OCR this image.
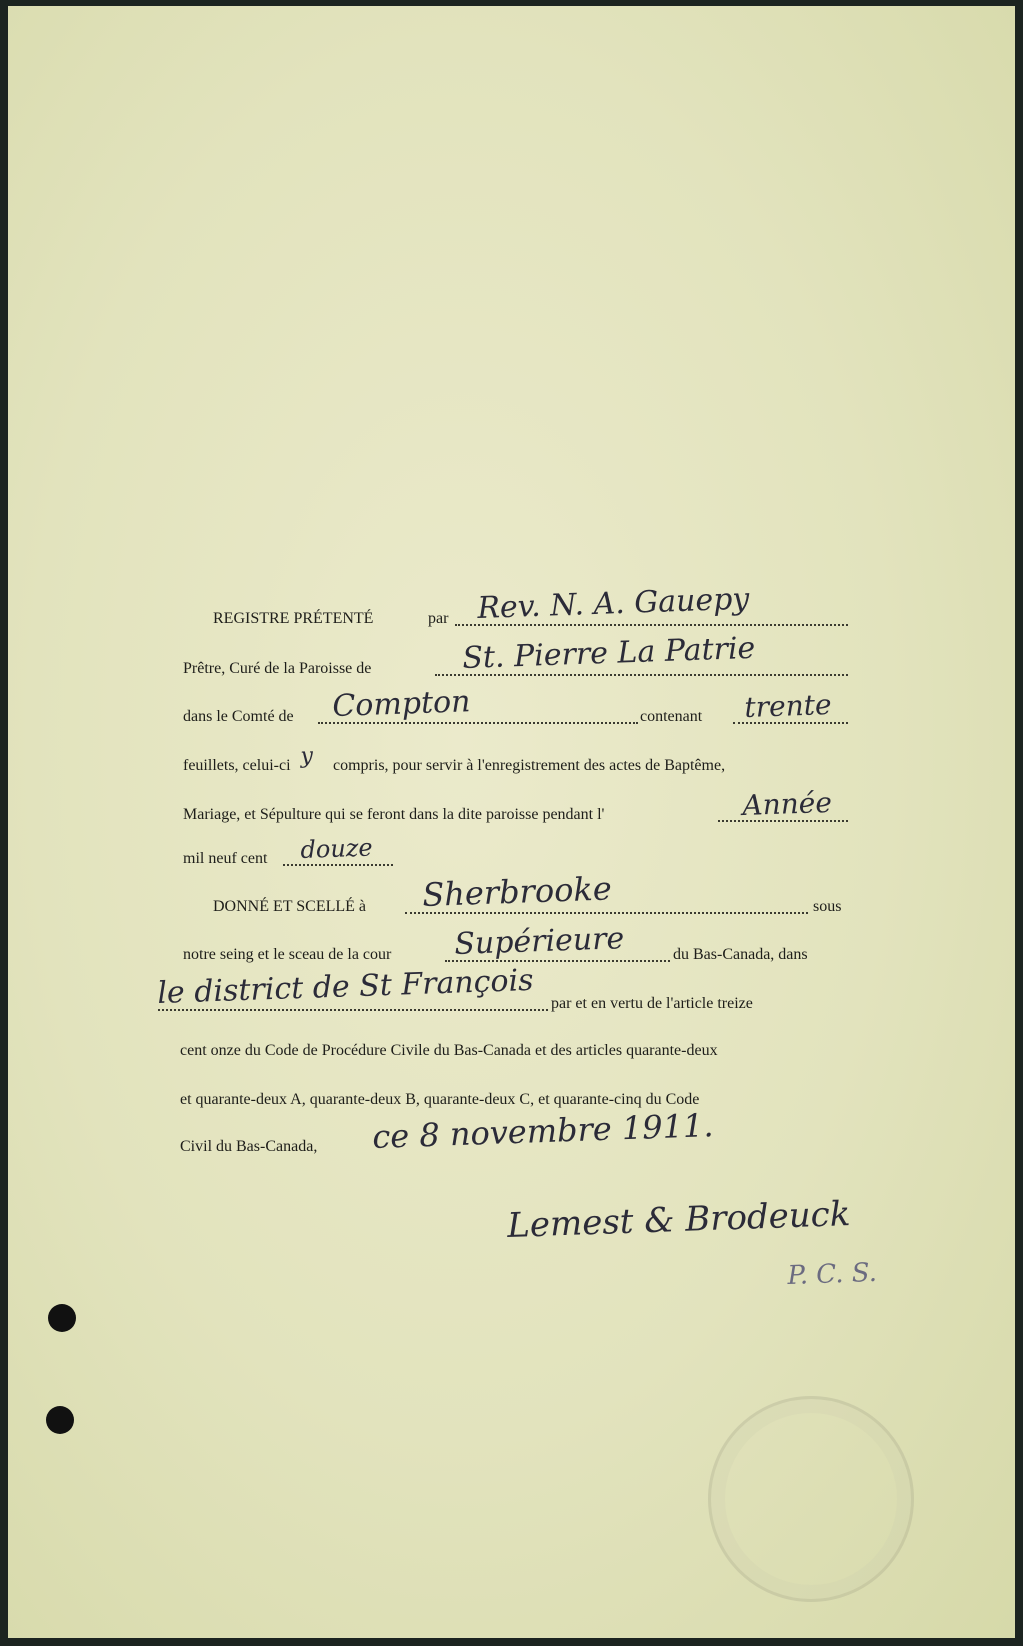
REGISTRE PRÉTENTÉ	par Rev. N. A. Gauepy
Prêtre, Curé de la Paroisse de	St. Pierre La Patrie
dans le Comté de Compton	contenant trente
feuillets, celui-ci y compris, pour servir à l'enregistrement des actes de Baptême,
Mariage, et Sépulture qui se feront dans la dite paroisse pendant l'	Année
mil neuf cent douze
DONNÉ ET SCELLÉ à Sherbrooke	sous
notre seing et le sceau de la cour Supérieure	du Bas-Canada, dans
le district de St François par et en vertu de l'article treize
cent onze du Code de Procédure Civile du Bas-Canada et des articles quarante-deux
et quarante-deux A, quarante-deux B, quarante-deux C, et quarante-cinq du Code
Civil du Bas-Canada, ce 8 novembre 1911.
Lemest & Brodeuck
P. C. S.
